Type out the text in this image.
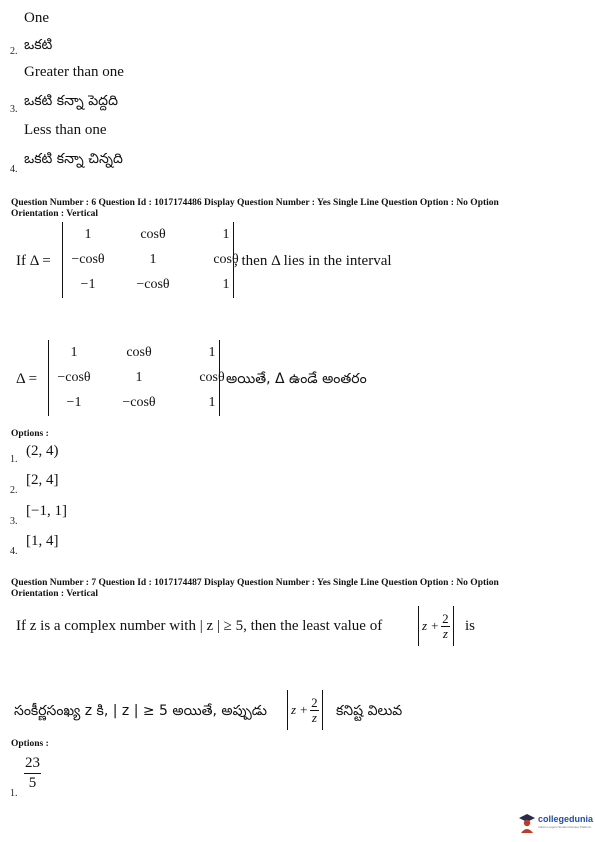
One
2. ఒకటి
Greater than one
3.
ఒకటి కన్నా పెద్దది
Less than one
4.
ఒకటి కన్నా చిన్నది
Question Number : 6 Question Id : 1017174486 Display Question Number : Yes Single Line Question Option : No Option
Orientation : Vertical
If Δ =
1	cosθ	1
−cosθ	1	cosθ
−1	−cosθ	1
, then Δ lies in the interval
Δ =
1	cosθ	1
−cosθ	1	cosθ
−1	−cosθ	1
అయితే, Δ ఉండే అంతరం
Options :
1.
(2, 4)
2.
[2, 4]
3.
[−1, 1]
4.
[1, 4]
Question Number : 7 Question Id : 1017174487 Display Question Number : Yes Single Line Question Option : No Option
Orientation : Vertical
If z is a complex number with | z | ≥ 5, then the least value of	$z + \frac{2}{z}$ is
సంకీర్ణసంఖ్య z కి, | z | ≥ 5 అయితే, అప్పుడు $z + \frac{2}{z}$ కనిష్ట విలువ
Options :
1.
$\frac{23}{5}$
collegedunia
India's Largest Student Review Platform
